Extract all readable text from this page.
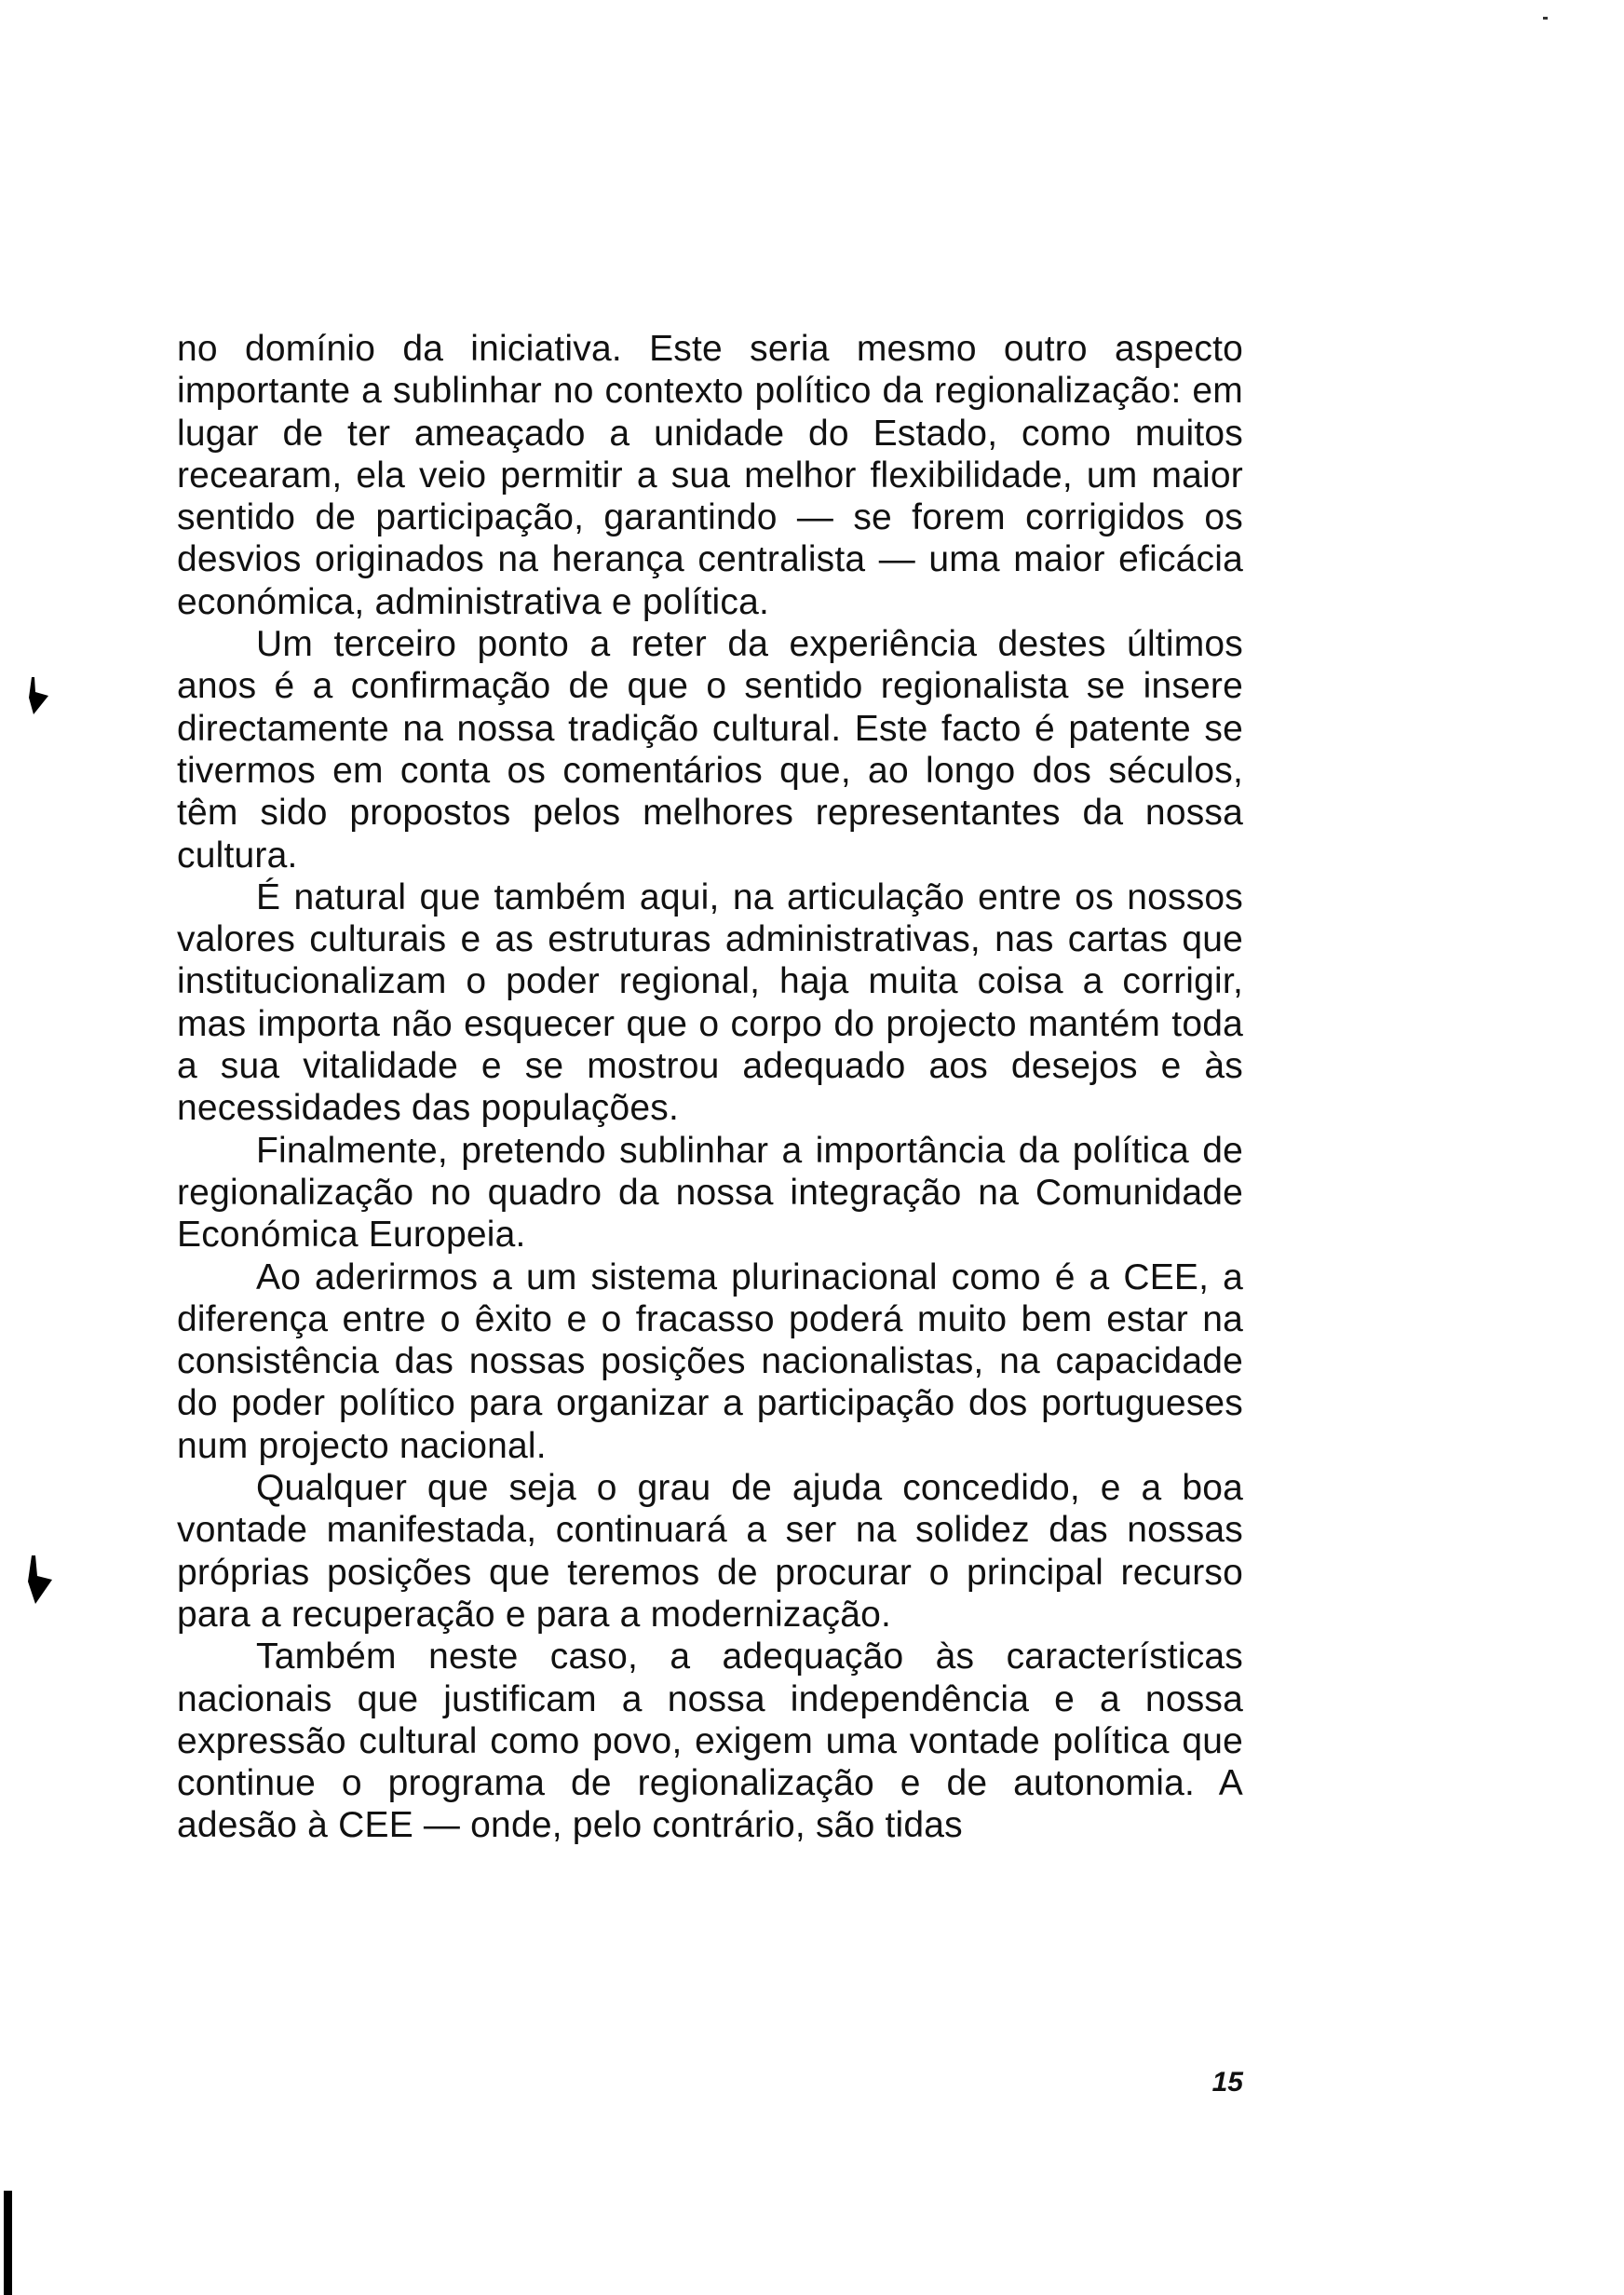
no domínio da iniciativa. Este seria mesmo outro aspecto importante a sublinhar no contexto político da regionalização: em lugar de ter ameaçado a unidade do Estado, como muitos recearam, ela veio permitir a sua melhor flexibilidade, um maior sentido de participação, garantindo — se forem corrigidos os desvios originados na herança centralista — uma maior eficácia económica, administrativa e política.

Um terceiro ponto a reter da experiência destes últimos anos é a confirmação de que o sentido regionalista se insere directamente na nossa tradição cultural. Este facto é patente se tivermos em conta os comentários que, ao longo dos séculos, têm sido propostos pelos melhores representantes da nossa cultura.

É natural que também aqui, na articulação entre os nossos valores culturais e as estruturas administrativas, nas cartas que institucionalizam o poder regional, haja muita coisa a corrigir, mas importa não esquecer que o corpo do projecto mantém toda a sua vitalidade e se mostrou adequado aos desejos e às necessidades das populações.

Finalmente, pretendo sublinhar a importância da política de regionalização no quadro da nossa integração na Comunidade Económica Europeia.

Ao aderirmos a um sistema plurinacional como é a CEE, a diferença entre o êxito e o fracasso poderá muito bem estar na consistência das nossas posições nacionalistas, na capacidade do poder político para organizar a participação dos portugueses num projecto nacional.

Qualquer que seja o grau de ajuda concedido, e a boa vontade manifestada, continuará a ser na solidez das nossas próprias posições que teremos de procurar o principal recurso para a recuperação e para a modernização.

Também neste caso, a adequação às características nacionais que justificam a nossa independência e a nossa expressão cultural como povo, exigem uma vontade política que continue o programa de regionalização e de autonomia. A adesão à CEE — onde, pelo contrário, são tidas

15
